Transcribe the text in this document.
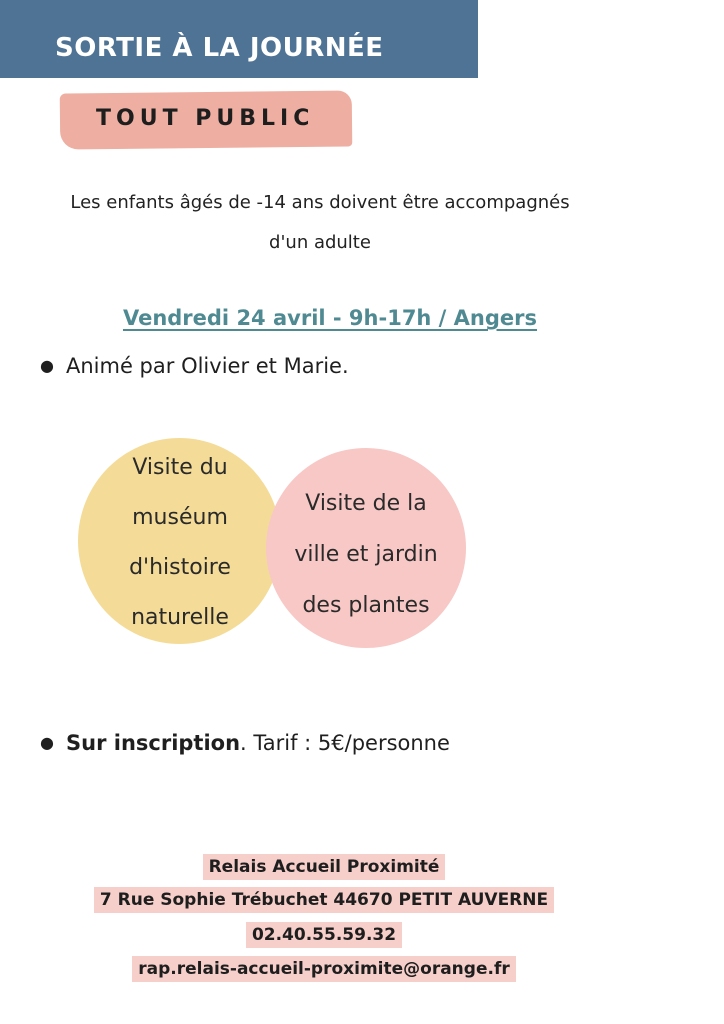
SORTIE À LA JOURNÉE
TOUT PUBLIC
Les enfants âgés de -14 ans doivent être accompagnés
d'un adulte
Vendredi 24 avril - 9h-17h / Angers
● Animé par Olivier et Marie.
Visite du
muséum
d'histoire
naturelle
Visite de la
ville et jardin
des plantes
● Sur inscription. Tarif : 5€/personne
Relais Accueil Proximité
7 Rue Sophie Trébuchet 44670 PETIT AUVERNE
02.40.55.59.32
rap.relais-accueil-proximite@orange.fr
